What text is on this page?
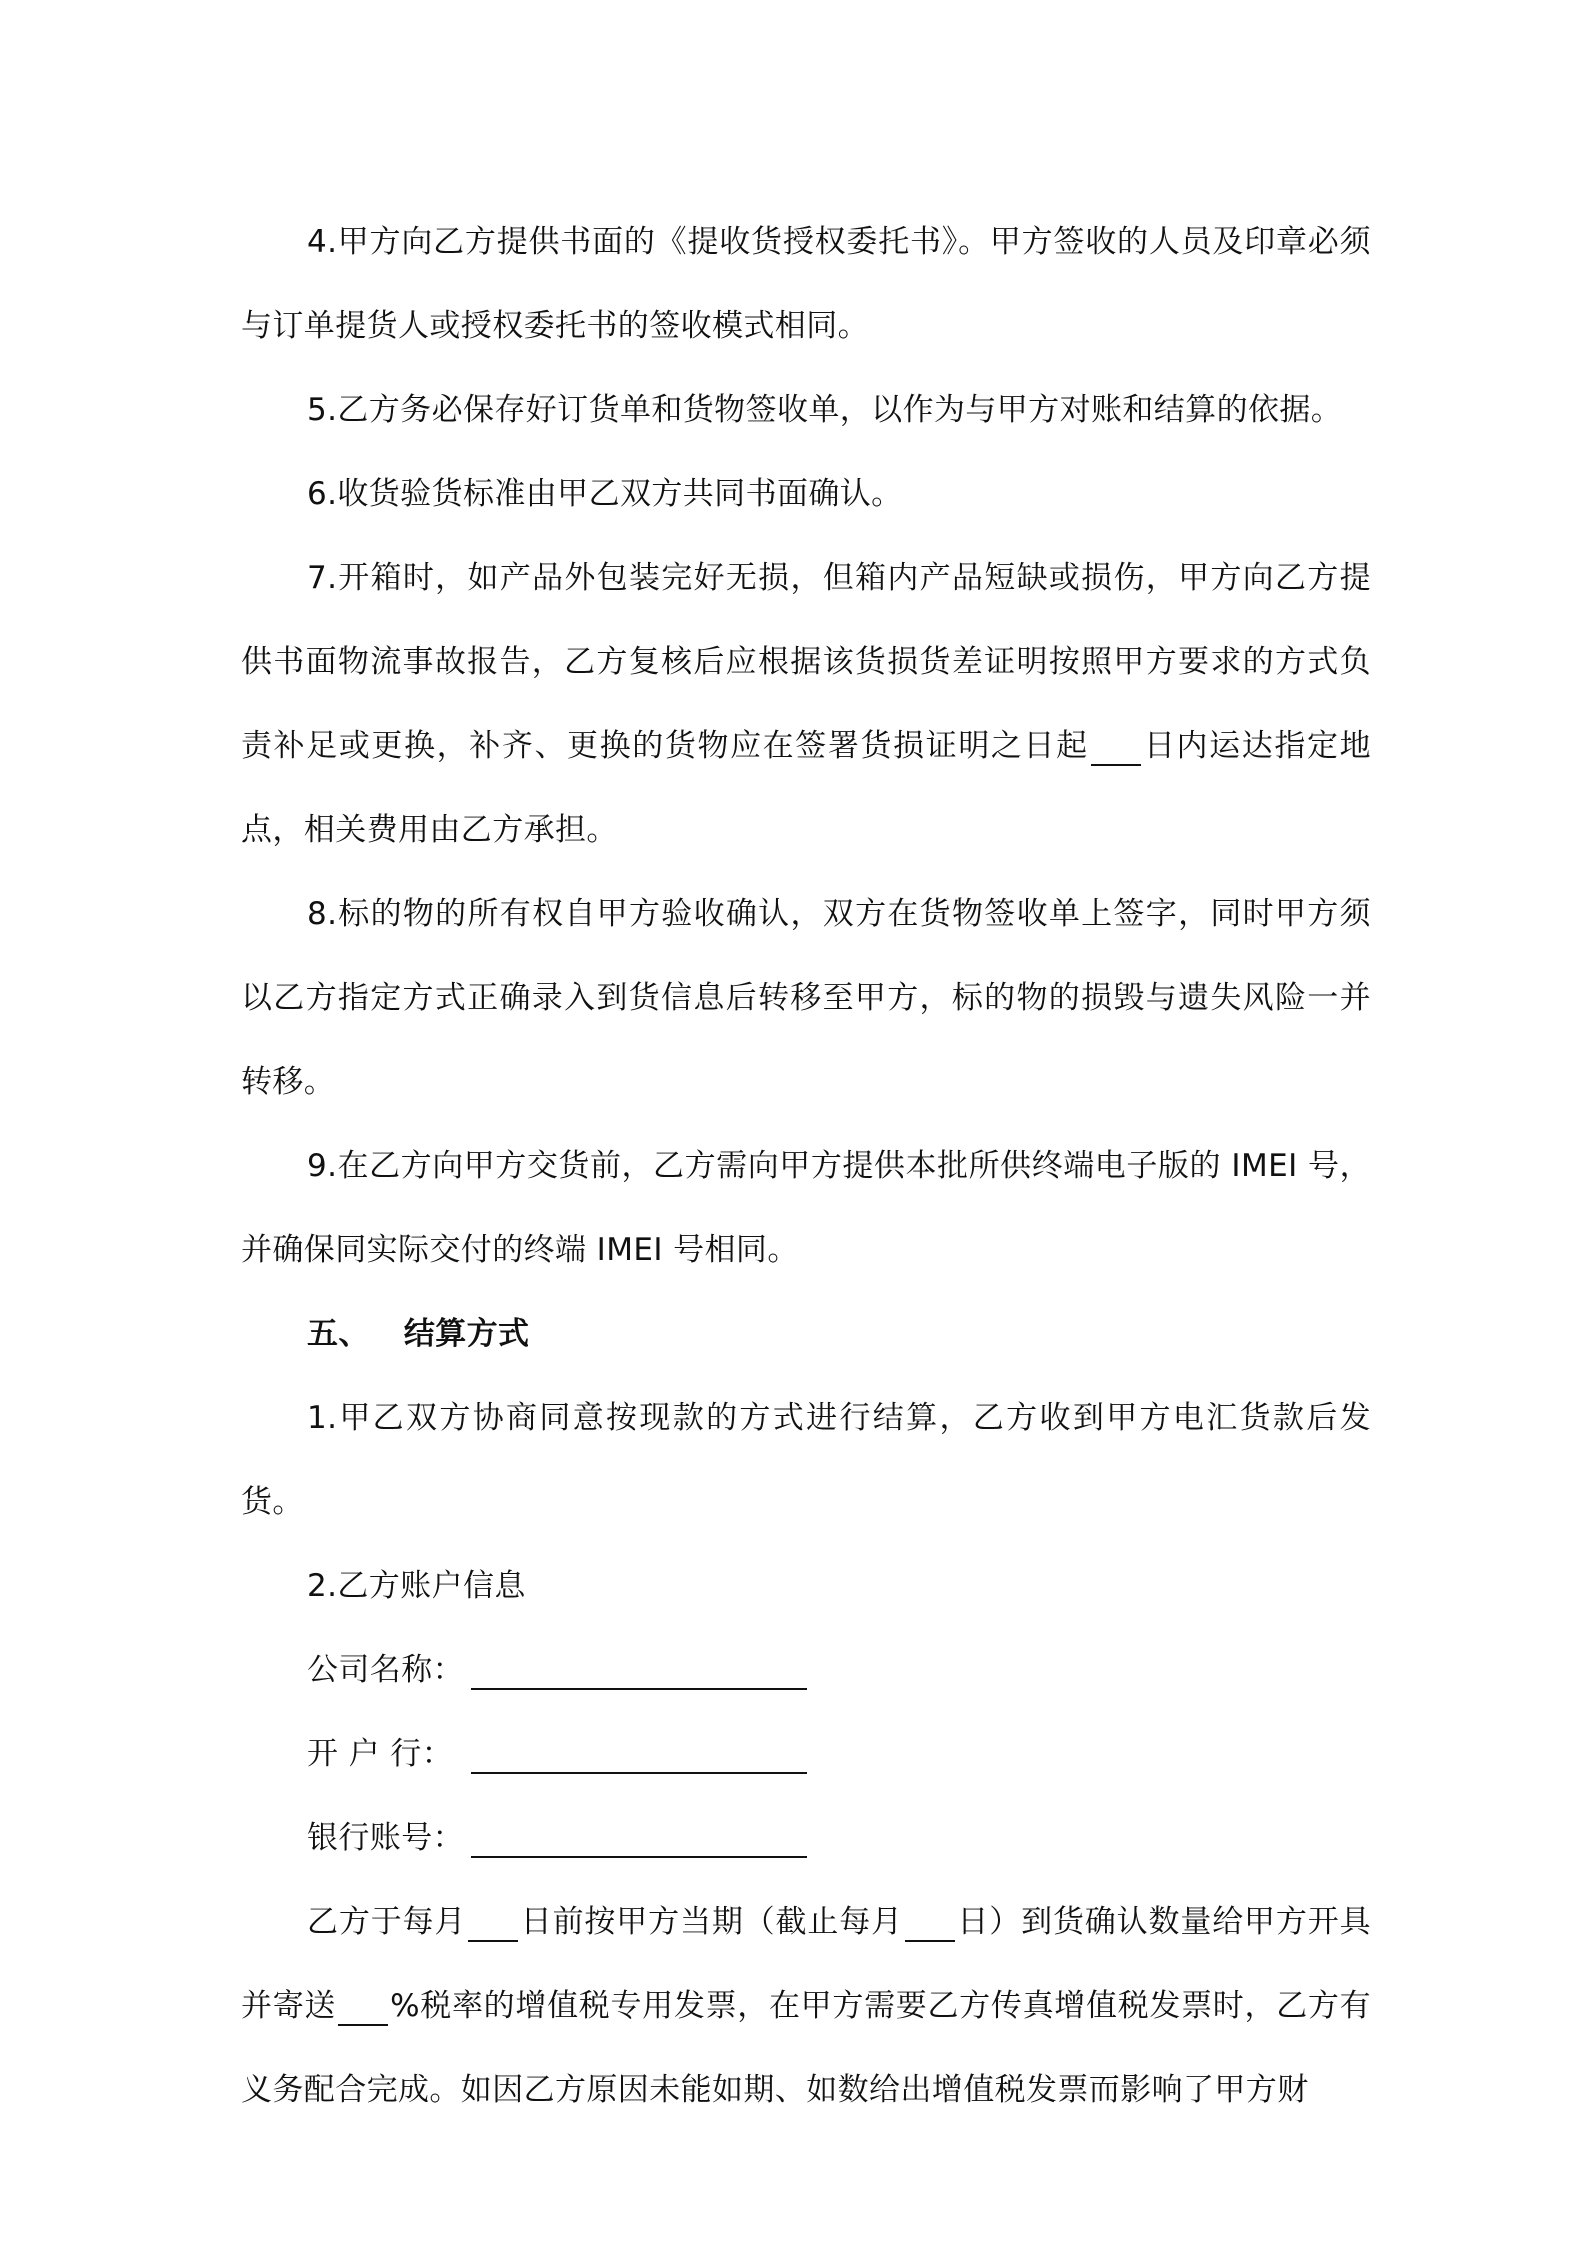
4.甲方向乙方提供书面的《提收货授权委托书》。甲方签收的人员及印章必须与订单提货人或授权委托书的签收模式相同。

5.乙方务必保存好订货单和货物签收单，以作为与甲方对账和结算的依据。

6.收货验货标准由甲乙双方共同书面确认。

7.开箱时，如产品外包装完好无损，但箱内产品短缺或损伤，甲方向乙方提供书面物流事故报告，乙方复核后应根据该货损货差证明按照甲方要求的方式负责补足或更换，补齐、更换的货物应在签署货损证明之日起 日内运达指定地点，相关费用由乙方承担。

8.标的物的所有权自甲方验收确认，双方在货物签收单上签字，同时甲方须以乙方指定方式正确录入到货信息后转移至甲方，标的物的损毁与遗失风险一并转移。

9.在乙方向甲方交货前，乙方需向甲方提供本批所供终端电子版的 IMEI 号，并确保同实际交付的终端 IMEI 号相同。

五、 结算方式

1.甲乙双方协商同意按现款的方式进行结算，乙方收到甲方电汇货款后发货。

2.乙方账户信息

公司名称：

开 户 行：

银行账号：

乙方于每月 日前按甲方当期（截止每月 日）到货确认数量给甲方开具并寄送 %税率的增值税专用发票，在甲方需要乙方传真增值税发票时，乙方有义务配合完成。如因乙方原因未能如期、如数给出增值税发票而影响了甲方财
